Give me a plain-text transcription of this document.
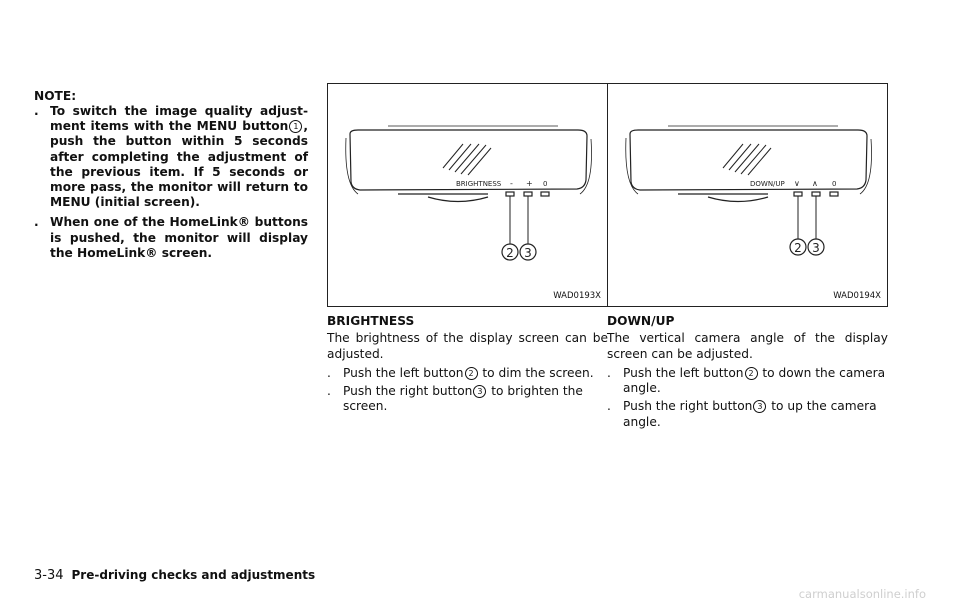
NOTE:
. To switch the image quality adjust-ment items with the MENU button 1 , push the button within 5 seconds after completing the adjustment of the previous item. If 5 seconds or more pass, the monitor will return to MENU (initial screen).
. When one of the HomeLink® buttons is pushed, the monitor will display the HomeLink® screen.
BRIGHTNESS - + 0
2 3
WAD0193X
DOWN/UP ∨ ∧ 0
2 3
WAD0194X
BRIGHTNESS

The brightness of the display screen can be adjusted.

. Push the left button 2 to dim the screen.
. Push the right button 3 to brighten the screen.
DOWN/UP

The vertical camera angle of the display screen can be adjusted.

. Push the left button 2 to down the camera angle.
. Push the right button 3 to up the camera angle.
3-34 Pre-driving checks and adjustments
carmanualsonline.info
